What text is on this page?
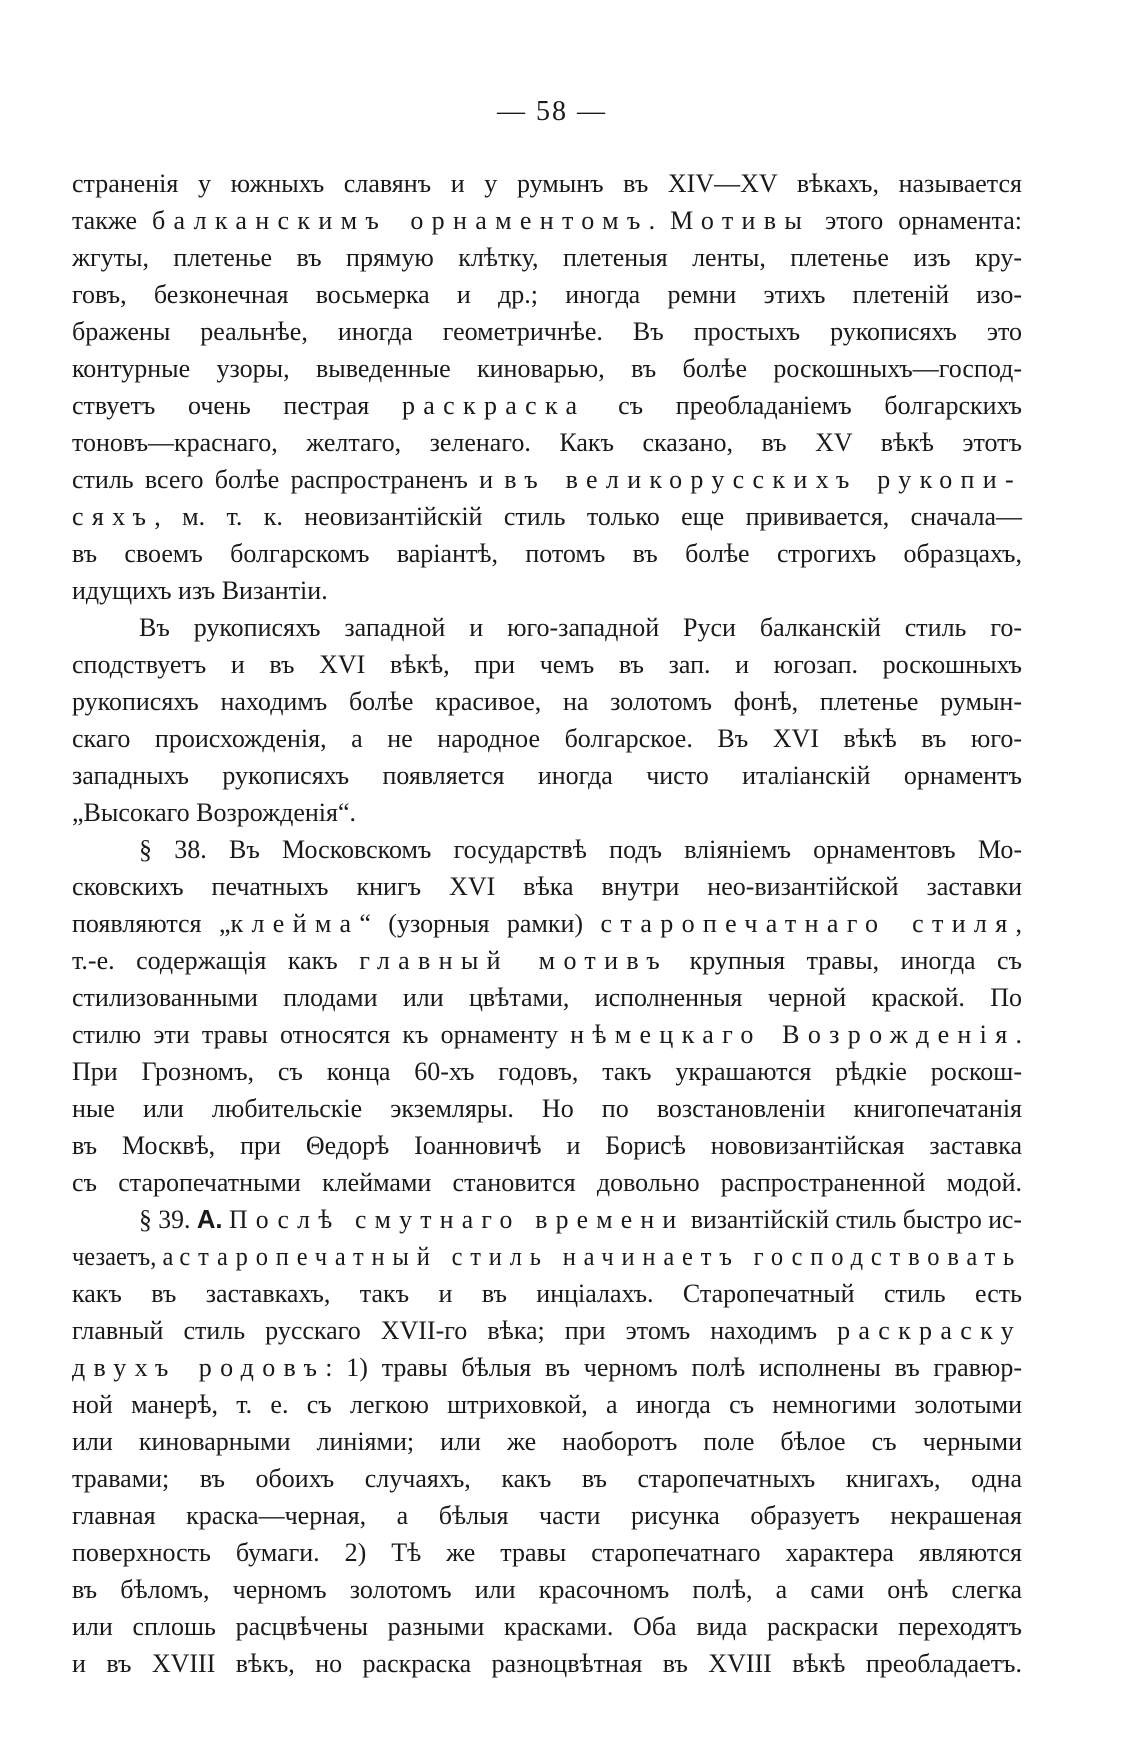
— 58 —
страненія у южныхъ славянъ и у румынъ въ XIV—XV вѣкахъ, называется
также балканскимъ орнаментомъ. Мотивы этого орнамента:
жгуты, плетенье въ прямую клѣтку, плетеныя ленты, плетенье изъ кру-
говъ, безконечная восьмерка и др.; иногда ремни этихъ плетеній изо-
бражены реальнѣе, иногда геометричнѣе. Въ простыхъ рукописяхъ это
контурные узоры, выведенные киноварью, въ болѣе роскошныхъ—господ-
ствуетъ очень пестрая раскраска съ преобладаніемъ болгарскихъ
тоновъ—краснаго, желтаго, зеленаго. Какъ сказано, въ XV вѣкѣ этотъ
стиль всего болѣе распространенъ и въ великорусскихъ рукопи-
сяхъ, м. т. к. неовизантійскій стиль только еще прививается, сначала—
въ своемъ болгарскомъ варіантѣ, потомъ въ болѣе строгихъ образцахъ,
идущихъ изъ Византіи.
Въ рукописяхъ западной и юго-западной Руси балканскій стиль го-
сподствуетъ и въ XVI вѣкѣ, при чемъ въ зап. и югозап. роскошныхъ
рукописяхъ находимъ болѣе красивое, на золотомъ фонѣ, плетенье румын-
скаго происхожденія, а не народное болгарское. Въ XVI вѣкѣ въ юго-
западныхъ рукописяхъ появляется иногда чисто италіанскій орнаментъ
„Высокаго Возрожденія“.
§ 38. Въ Московскомъ государствѣ подъ вліяніемъ орнаментовъ Мо-
сковскихъ печатныхъ книгъ XVI вѣка внутри нео-византійской заставки
появляются „клейма“ (узорныя рамки) старопечатнаго стиля,
т.-е. содержащія какъ главный мотивъ крупныя травы, иногда съ
стилизованными плодами или цвѣтами, исполненныя черной краской. По
стилю эти травы относятся къ орнаменту нѣмецкаго Возрожденія.
При Грозномъ, съ конца 60-хъ годовъ, такъ украшаются рѣдкіе роскош-
ные или любительскіе экземляры. Но по возстановленіи книгопечатанія
въ Москвѣ, при Θедорѣ Іоанновичѣ и Борисѣ нововизантійская заставка
съ старопечатными клеймами становится довольно распространенной модой.
§ 39. А. Послѣ смутнаго времени византійскій стиль быстро ис-
чезаетъ, а старопечатный стиль начинаетъ господствовать
какъ въ заставкахъ, такъ и въ инціалахъ. Старопечатный стиль есть
главный стиль русскаго XVII-го вѣка; при этомъ находимъ раскраску
двухъ родовъ: 1) травы бѣлыя въ черномъ полѣ исполнены въ гравюр-
ной манерѣ, т. е. съ легкою штриховкой, а иногда съ немногими золотыми
или киноварными линіями; или же наоборотъ поле бѣлое съ черными
травами; въ обоихъ случаяхъ, какъ въ старопечатныхъ книгахъ, одна
главная краска—черная, а бѣлыя части рисунка образуетъ некрашеная
поверхность бумаги. 2) Тѣ же травы старопечатнаго характера являются
въ бѣломъ, черномъ золотомъ или красочномъ полѣ, а сами онѣ слегка
или сплошь расцвѣчены разными красками. Оба вида раскраски переходятъ
и въ XVIII вѣкъ, но раскраска разноцвѣтная въ XVIII вѣкѣ преобладаетъ.
